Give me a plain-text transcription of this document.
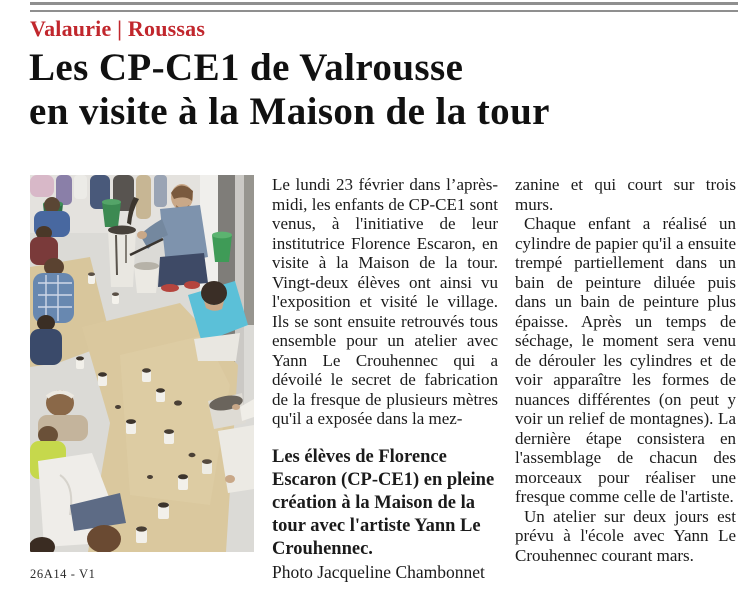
Valaurie | Roussas
Les CP-CE1 de Valrousse
en visite à la Maison de la tour

Le lundi 23 février dans l’après-midi, les enfants de CP-CE1 sont venus, à l'initiative de leur institutrice Florence Escaron, en visite à la Maison de la tour. Vingt-deux élèves ont ainsi vu l'exposition et visité le village. Ils se sont ensuite retrouvés tous ensemble pour un atelier avec Yann Le Crouhennec qui a dévoilé le secret de fabrication de la fresque de plusieurs mètres qu'il a exposée dans la mez-

Les élèves de Florence Escaron (CP-CE1) en pleine création à la Maison de la tour avec l'artiste Yann Le Crouhennec.

Photo Jacqueline Chambonnet

zanine et qui court sur trois murs.

Chaque enfant a réalisé un cylindre de papier qu'il a ensuite trempé partiellement dans un bain de peinture diluée puis dans un bain de peinture plus épaisse. Après un temps de séchage, le moment sera venu de dérouler les cylindres et de voir apparaître les formes de nuances différentes (on peut y voir un relief de montagnes). La dernière étape consistera en l'assemblage de chacun des morceaux pour réaliser une fresque comme celle de l'artiste.

Un atelier sur deux jours est prévu à l'école avec Yann Le Crouhennec courant mars.

26A14 - V1
